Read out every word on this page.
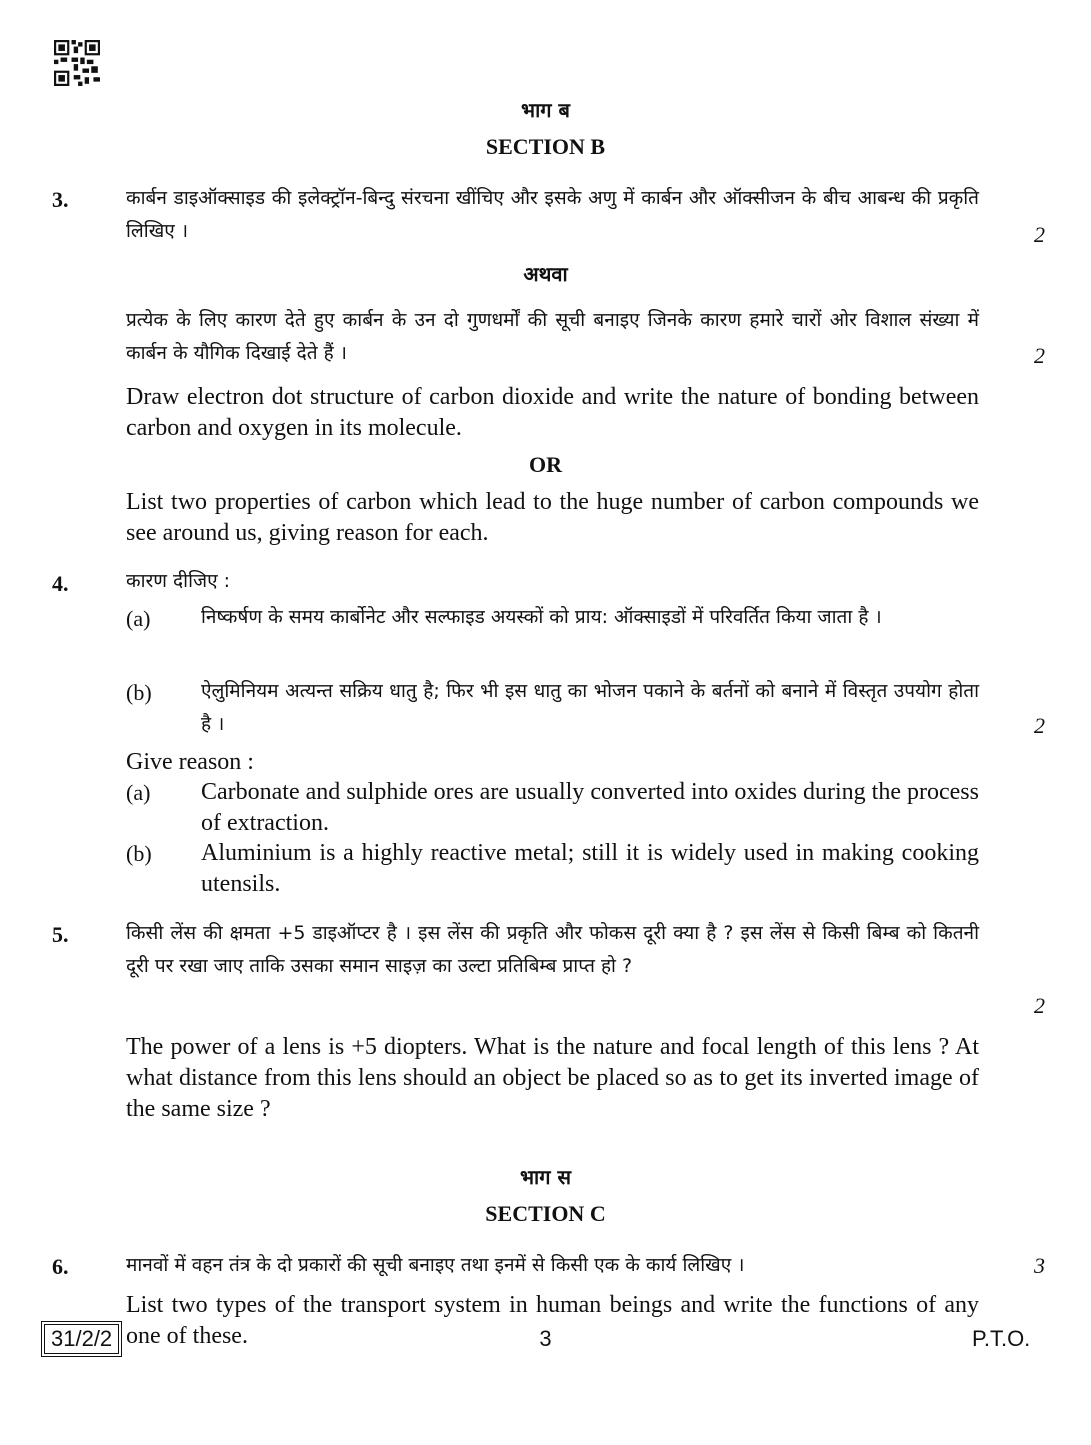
भाग ब
SECTION B
3.	कार्बन डाइऑक्साइड की इलेक्ट्रॉन-बिन्दु संरचना खींचिए और इसके अणु में कार्बन और ऑक्सीजन के बीच आबन्ध की प्रकृति लिखिए ।	2
अथवा
प्रत्येक के लिए कारण देते हुए कार्बन के उन दो गुणधर्मों की सूची बनाइए जिनके कारण हमारे चारों ओर विशाल संख्या में कार्बन के यौगिक दिखाई देते हैं ।	2
Draw electron dot structure of carbon dioxide and write the nature of bonding between carbon and oxygen in its molecule.
OR
List two properties of carbon which lead to the huge number of carbon compounds we see around us, giving reason for each.
4.	कारण दीजिए :
(a)	निष्कर्षण के समय कार्बोनेट और सल्फाइड अयस्कों को प्राय: ऑक्साइडों में परिवर्तित किया जाता है ।
(b)	ऐलुमिनियम अत्यन्त सक्रिय धातु है; फिर भी इस धातु का भोजन पकाने के बर्तनों को बनाने में विस्तृत उपयोग होता है ।	2
Give reason :
(a) Carbonate and sulphide ores are usually converted into oxides during the process of extraction.
(b) Aluminium is a highly reactive metal; still it is widely used in making cooking utensils.
5.	किसी लेंस की क्षमता +5 डाइऑप्टर है । इस लेंस की प्रकृति और फोकस दूरी क्या है ? इस लेंस से किसी बिम्ब को कितनी दूरी पर रखा जाए ताकि उसका समान साइज़ का उल्टा प्रतिबिम्ब प्राप्त हो ?
2
The power of a lens is +5 diopters. What is the nature and focal length of this lens ? At what distance from this lens should an object be placed so as to get its inverted image of the same size ?
भाग स
SECTION C
6.	मानवों में वहन तंत्र के दो प्रकारों की सूची बनाइए तथा इनमें से किसी एक के कार्य लिखिए ।	3
List two types of the transport system in human beings and write the functions of any one of these.
31/2/2	3	P.T.O.
